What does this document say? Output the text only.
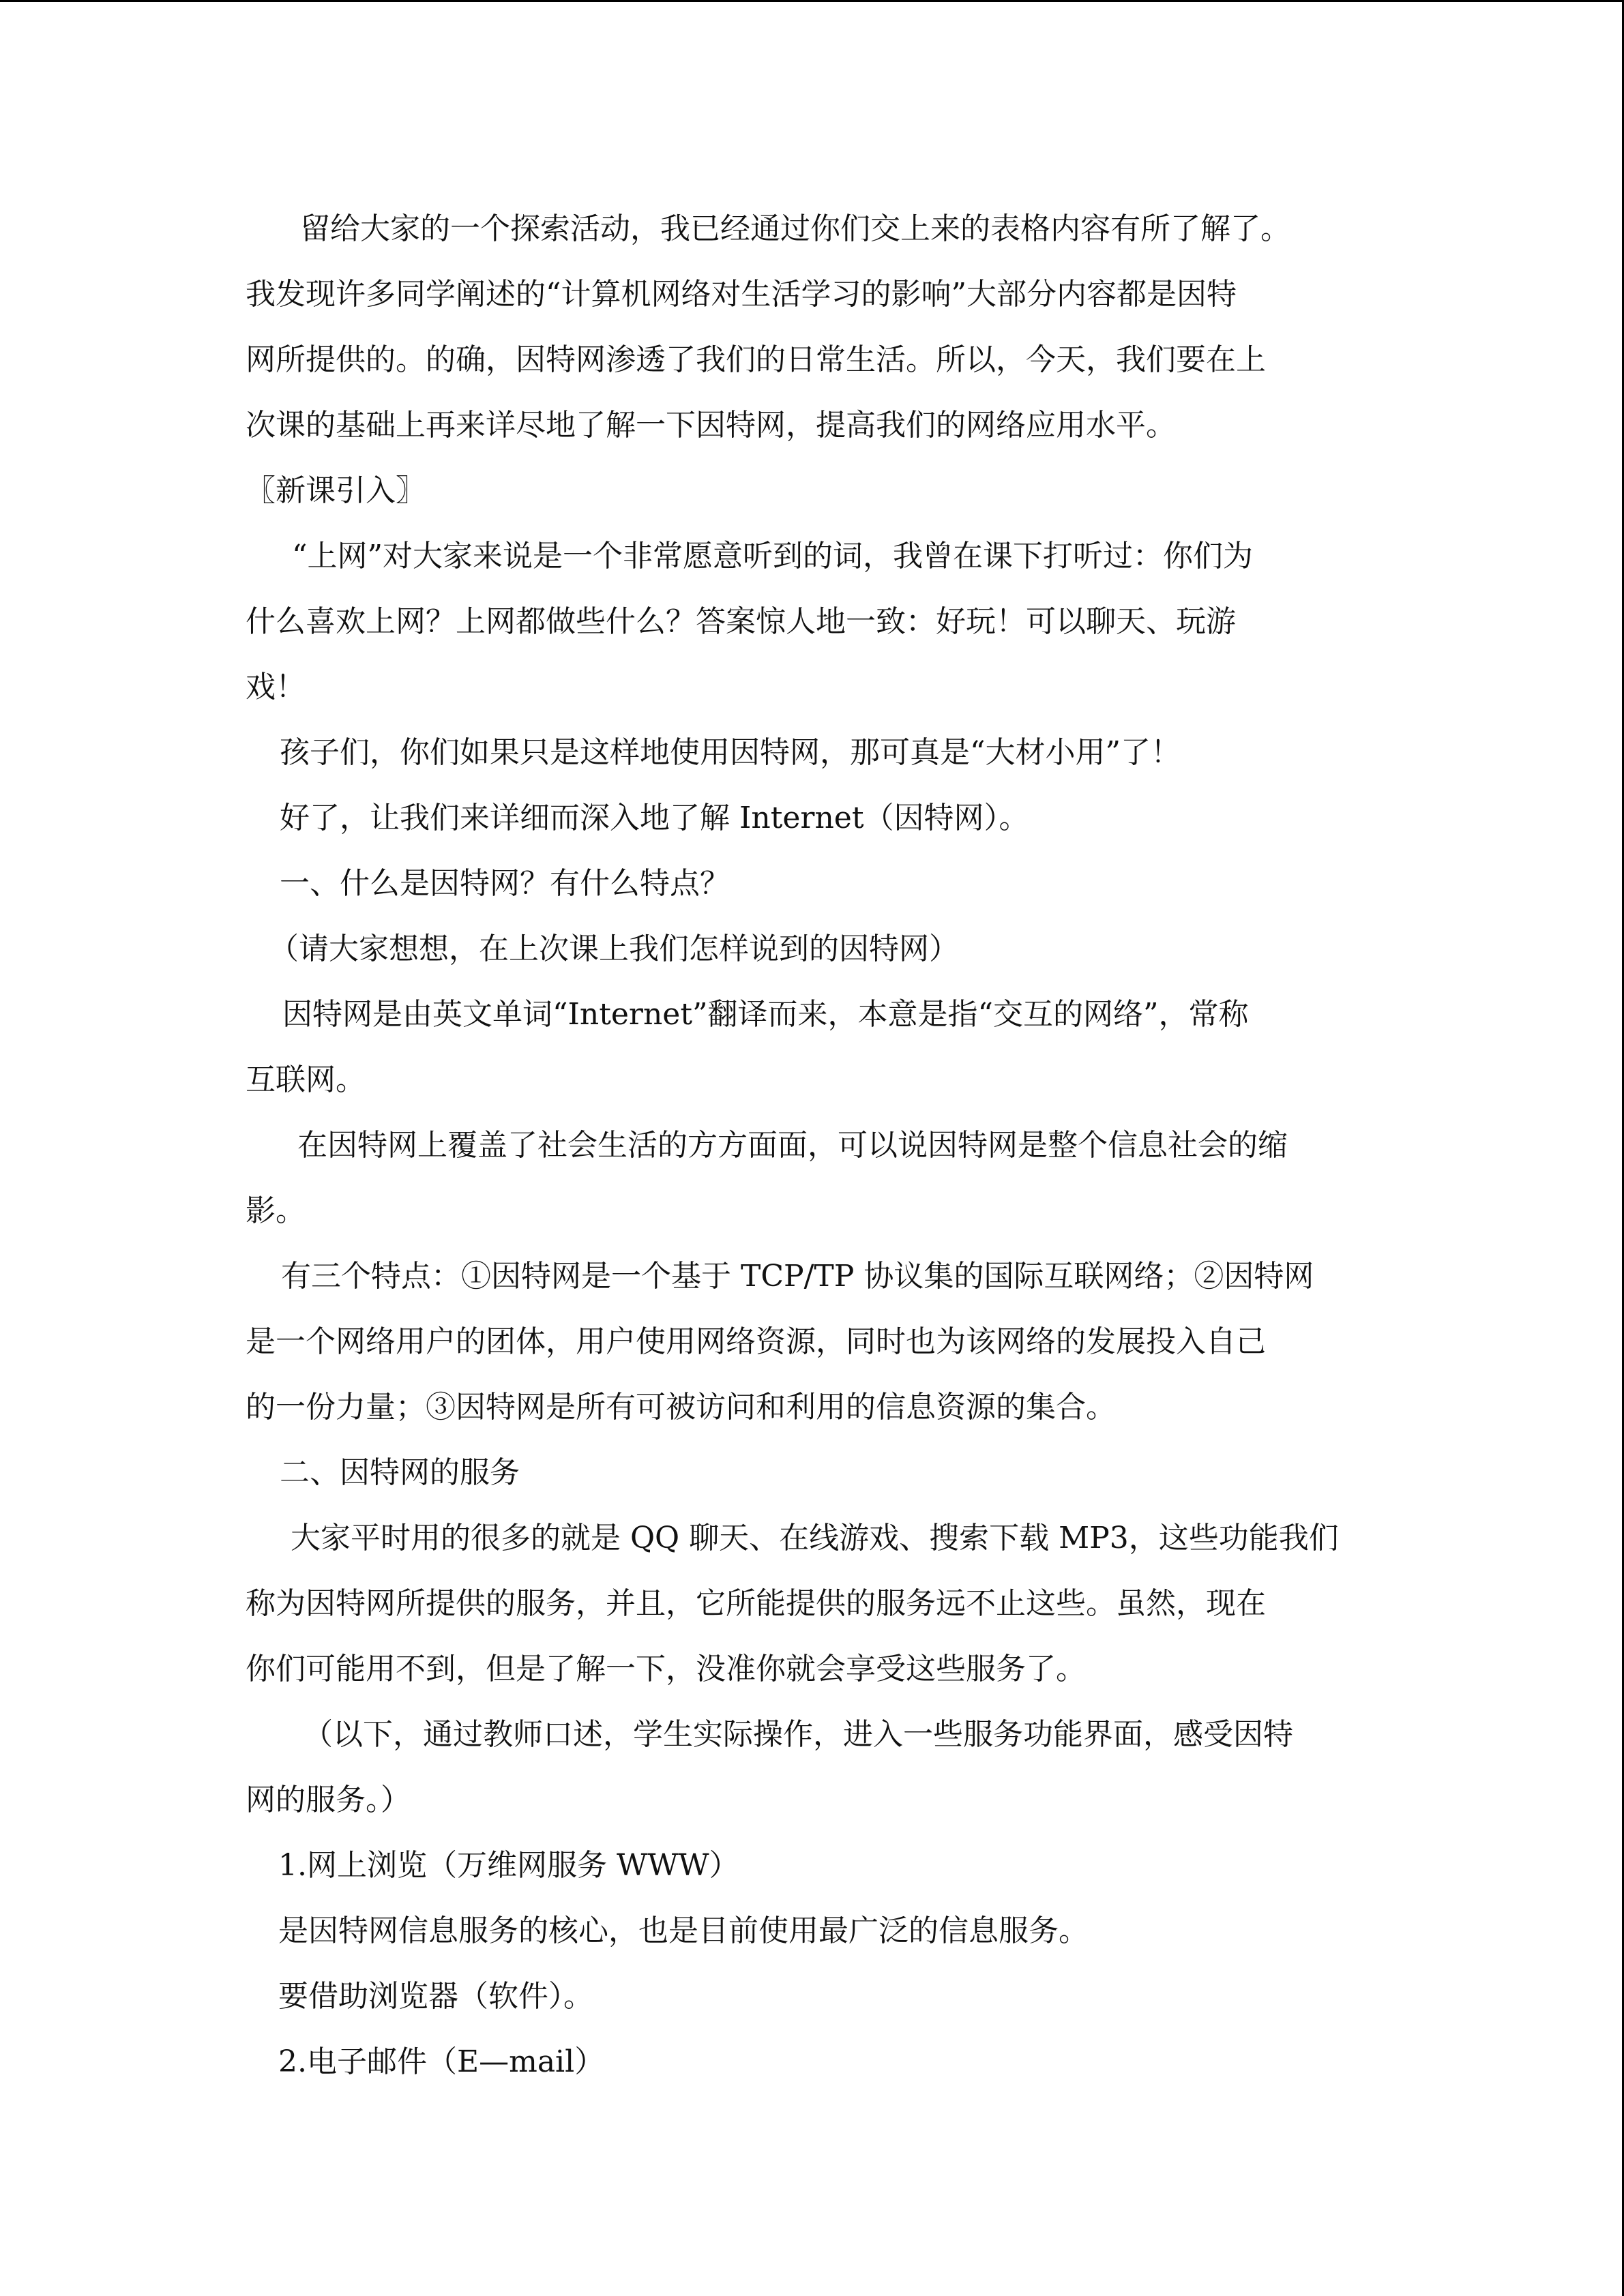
留给大家的一个探索活动，我已经通过你们交上来的表格内容有所了解了。
我发现许多同学阐述的“计算机网络对生活学习的影响”大部分内容都是因特
网所提供的。的确，因特网渗透了我们的日常生活。所以，今天，我们要在上
次课的基础上再来详尽地了解一下因特网，提高我们的网络应用水平。
〖新课引入〗
“上网”对大家来说是一个非常愿意听到的词，我曾在课下打听过：你们为
什么喜欢上网？上网都做些什么？答案惊人地一致：好玩！可以聊天、玩游
戏！
孩子们，你们如果只是这样地使用因特网，那可真是“大材小用”了！
好了，让我们来详细而深入地了解 Internet（因特网）。
一、什么是因特网？有什么特点？
（请大家想想，在上次课上我们怎样说到的因特网）
因特网是由英文单词“Internet”翻译而来，本意是指“交互的网络”，常称
互联网。
在因特网上覆盖了社会生活的方方面面，可以说因特网是整个信息社会的缩
影。
有三个特点：①因特网是一个基于 TCP/TP 协议集的国际互联网络；②因特网
是一个网络用户的团体，用户使用网络资源，同时也为该网络的发展投入自己
的一份力量；③因特网是所有可被访问和利用的信息资源的集合。
二、因特网的服务
大家平时用的很多的就是 QQ 聊天、在线游戏、搜索下载 MP3，这些功能我们
称为因特网所提供的服务，并且，它所能提供的服务远不止这些。虽然，现在
你们可能用不到，但是了解一下，没准你就会享受这些服务了。
（以下，通过教师口述，学生实际操作，进入一些服务功能界面，感受因特
网的服务。）
1.网上浏览（万维网服务 WWW）
是因特网信息服务的核心，也是目前使用最广泛的信息服务。
要借助浏览器（软件）。
2.电子邮件（E—mail）
